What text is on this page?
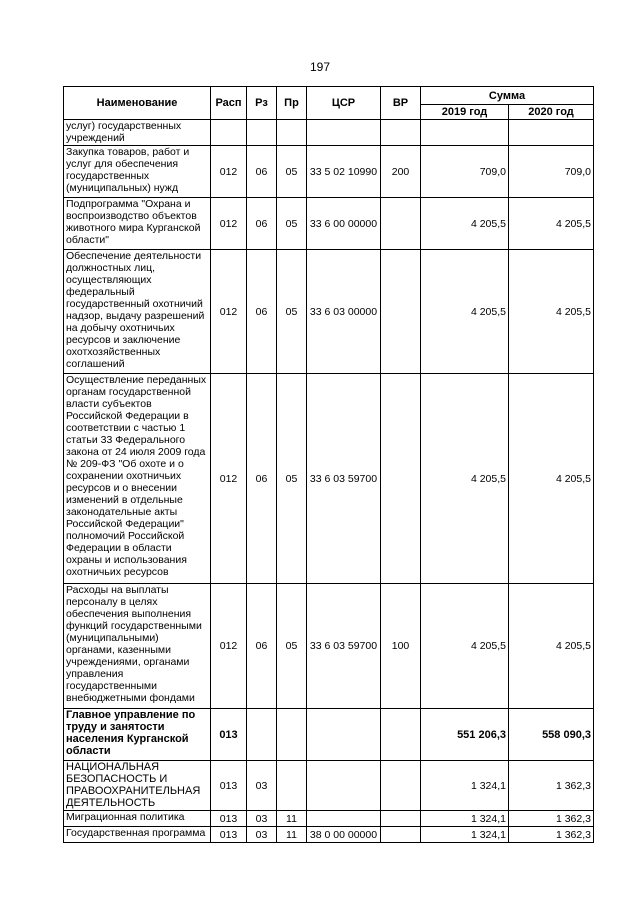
197
Наименование	Расп	Рз	Пр	ЦСР	ВР	Сумма	
						2019 год	2020 год
услуг) государственных учреждений							
Закупка товаров, работ и услуг для обеспечения государственных (муниципальных) нужд	012	06	05	33 5 02 10990	200	709,0	709,0
Подпрограмма "Охрана и воспроизводство объектов животного мира Курганской области"	012	06	05	33 6 00 00000		4 205,5	4 205,5
Обеспечение деятельности должностных лиц, осуществляющих федеральный государственный охотничий надзор, выдачу разрешений на добычу охотничьих ресурсов и заключение охотхозяйственных соглашений	012	06	05	33 6 03 00000		4 205,5	4 205,5
Осуществление переданных органам государственной власти субъектов Российской Федерации в соответствии с частью 1 статьи 33 Федерального закона от 24 июля 2009 года № 209-ФЗ "Об охоте и о сохранении охотничьих ресурсов и о внесении изменений в отдельные законодательные акты Российской Федерации" полномочий Российской Федерации в области охраны и использования охотничьих ресурсов	012	06	05	33 6 03 59700		4 205,5	4 205,5
Расходы на выплаты персоналу в целях обеспечения выполнения функций государственными (муниципальными) органами, казенными учреждениями, органами управления государственными внебюджетными фондами	012	06	05	33 6 03 59700	100	4 205,5	4 205,5
Главное управление по труду и занятости населения Курганской области	013					551 206,3	558 090,3
НАЦИОНАЛЬНАЯ БЕЗОПАСНОСТЬ И ПРАВООХРАНИТЕЛЬНАЯ ДЕЯТЕЛЬНОСТЬ	013	03				1 324,1	1 362,3
Миграционная политика	013	03	11			1 324,1	1 362,3
Государственная программа	013	03	11	38 0 00 00000		1 324,1	1 362,3
